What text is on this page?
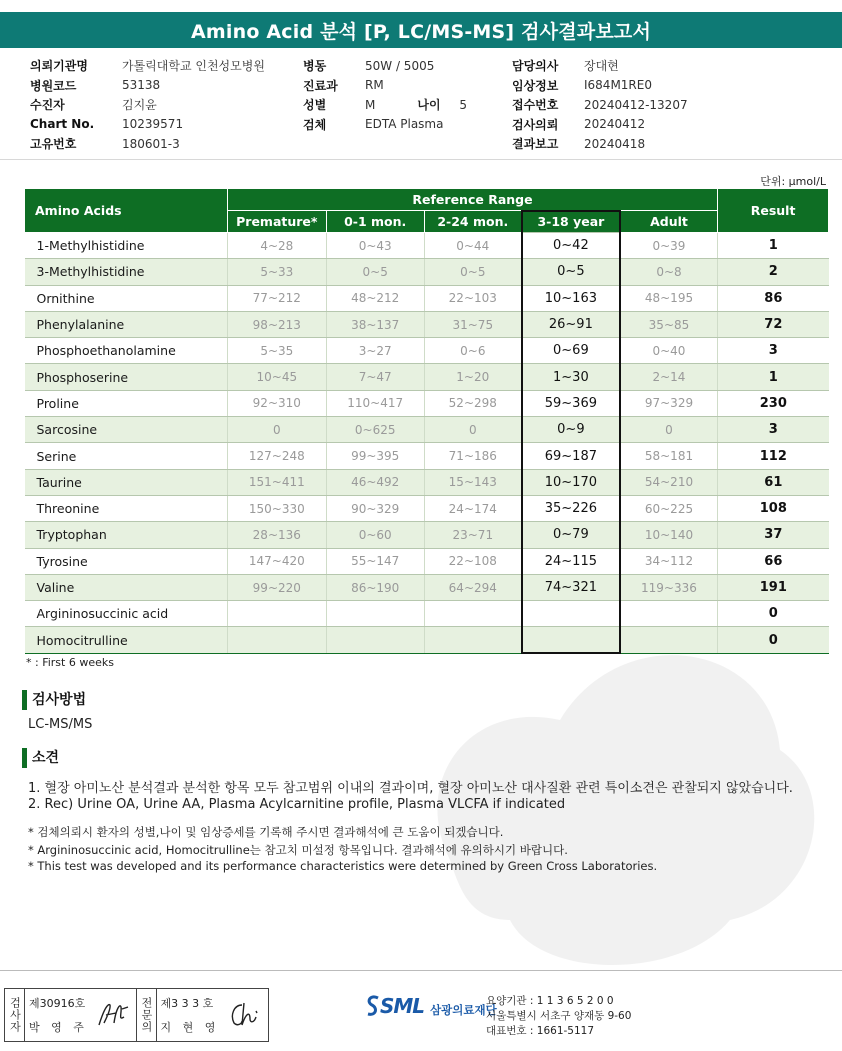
Amino Acid 분석 [P, LC/MS-MS] 검사결과보고서
의뢰기관명	가톨릭대학교 인천성모병원
병원코드	53138
수진자	김지윤
Chart No.	10239571
고유번호	180601-3
병동	50W / 5005
진료과	RM
성별	M	나이	5
검체	EDTA Plasma
담당의사	장대현
임상정보	I684M1RE0
접수번호	20240412-13207
검사의뢰	20240412
결과보고	20240418
단위: μmol/L
Amino Acids	Reference Range					Result
	Premature*	0-1 mon.	2-24 mon.	3-18 year	Adult	
1-Methylhistidine	4~28	0~43	0~44	0~42	0~39	1
3-Methylhistidine	5~33	0~5	0~5	0~5	0~8	2
Ornithine	77~212	48~212	22~103	10~163	48~195	86
Phenylalanine	98~213	38~137	31~75	26~91	35~85	72
Phosphoethanolamine	5~35	3~27	0~6	0~69	0~40	3
Phosphoserine	10~45	7~47	1~20	1~30	2~14	1
Proline	92~310	110~417	52~298	59~369	97~329	230
Sarcosine	0	0~625	0	0~9	0	3
Serine	127~248	99~395	71~186	69~187	58~181	112
Taurine	151~411	46~492	15~143	10~170	54~210	61
Threonine	150~330	90~329	24~174	35~226	60~225	108
Tryptophan	28~136	0~60	23~71	0~79	10~140	37
Tyrosine	147~420	55~147	22~108	24~115	34~112	66
Valine	99~220	86~190	64~294	74~321	119~336	191
Argininosuccinic acid						0
Homocitrulline						0
* : First 6 weeks
검사방법
LC-MS/MS
소견
1. 혈장 아미노산 분석결과 분석한 항목 모두 참고범위 이내의 결과이며, 혈장 아미노산 대사질환 관련 특이소견은 관찰되지 않았습니다.
2. Rec) Urine OA, Urine AA, Plasma Acylcarnitine profile, Plasma VLCFA if indicated
* 검체의뢰시 환자의 성별,나이 및 임상증세를 기록해 주시면 결과해석에 큰 도움이 되겠습니다.
* Argininosuccinic acid, Homocitrulline는 참고치 미설정 항목입니다. 결과해석에 유의하시기 바랍니다.
* This test was developed and its performance characteristics were determined by Green Cross Laboratories.
검사자 제30916호
박 영 주	전문의 제3 3 3 호
지 현 영
SML 삼광의료재단
요양기관 : 1 1 3 6 5 2 0 0
서울특별시 서초구 양재동 9-60
대표번호 : 1661-5117
